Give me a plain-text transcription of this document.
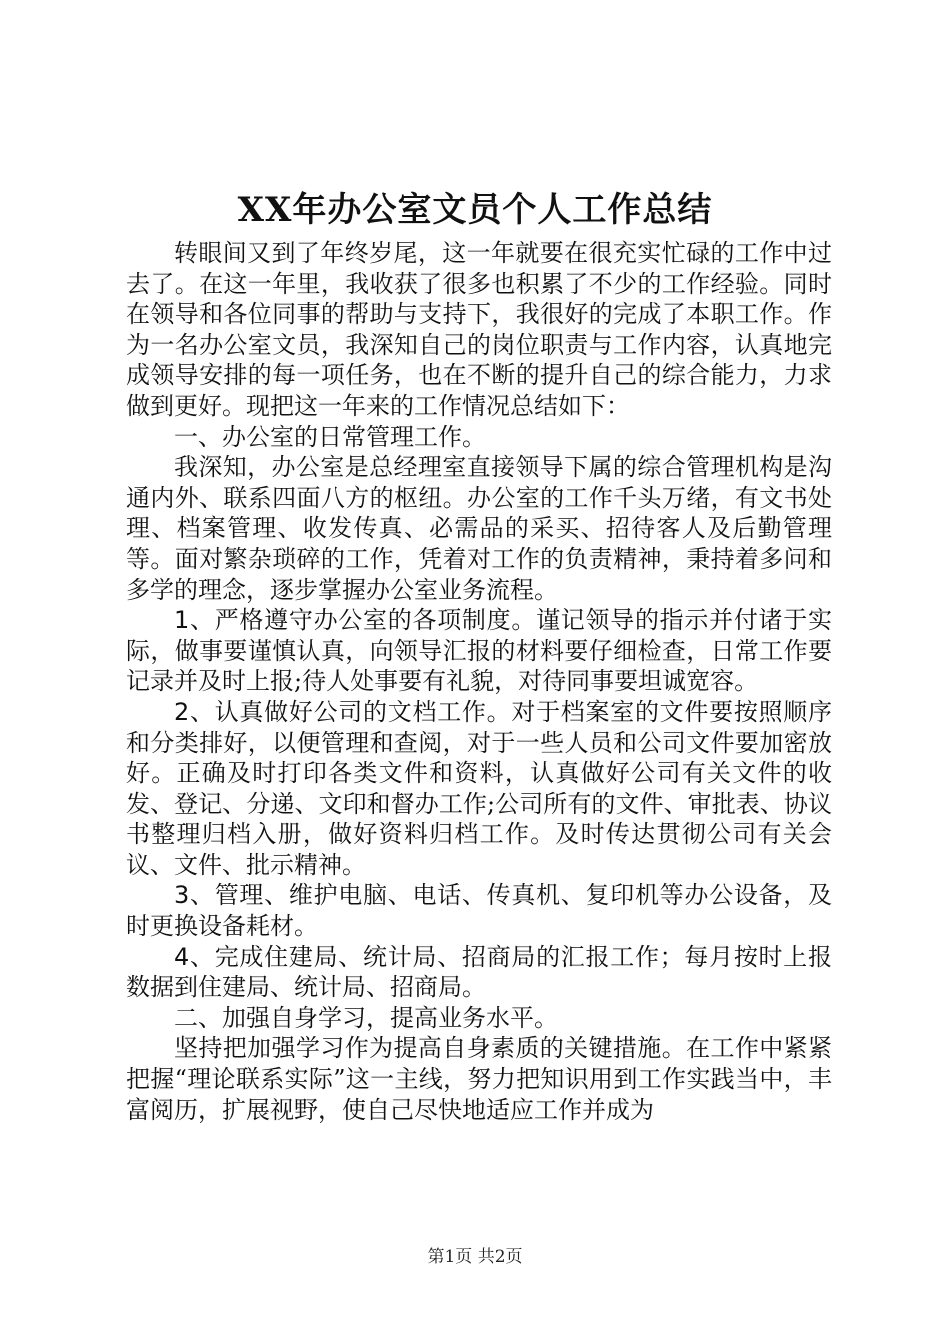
XX年办公室文员个人工作总结

转眼间又到了年终岁尾，这一年就要在很充实忙碌的工作中过去了。在这一年里，我收获了很多也积累了不少的工作经验。同时在领导和各位同事的帮助与支持下，我很好的完成了本职工作。作为一名办公室文员，我深知自己的岗位职责与工作内容，认真地完成领导安排的每一项任务，也在不断的提升自己的综合能力，力求做到更好。现把这一年来的工作情况总结如下：

一、办公室的日常管理工作。

我深知，办公室是总经理室直接领导下属的综合管理机构是沟通内外、联系四面八方的枢纽。办公室的工作千头万绪，有文书处理、档案管理、收发传真、必需品的采买、招待客人及后勤管理等。面对繁杂琐碎的工作，凭着对工作的负责精神，秉持着多问和多学的理念，逐步掌握办公室业务流程。

1、严格遵守办公室的各项制度。谨记领导的指示并付诸于实际，做事要谨慎认真，向领导汇报的材料要仔细检查，日常工作要记录并及时上报;待人处事要有礼貌，对待同事要坦诚宽容。

2、认真做好公司的文档工作。对于档案室的文件要按照顺序和分类排好，以便管理和查阅，对于一些人员和公司文件要加密放好。正确及时打印各类文件和资料，认真做好公司有关文件的收发、登记、分递、文印和督办工作;公司所有的文件、审批表、协议书整理归档入册，做好资料归档工作。及时传达贯彻公司有关会议、文件、批示精神。

3、管理、维护电脑、电话、传真机、复印机等办公设备，及时更换设备耗材。

4、完成住建局、统计局、招商局的汇报工作；每月按时上报数据到住建局、统计局、招商局。

二、加强自身学习，提高业务水平。

坚持把加强学习作为提高自身素质的关键措施。在工作中紧紧把握“理论联系实际”这一主线，努力把知识用到工作实践当中，丰富阅历，扩展视野，使自己尽快地适应工作并成为

第1页 共2页
